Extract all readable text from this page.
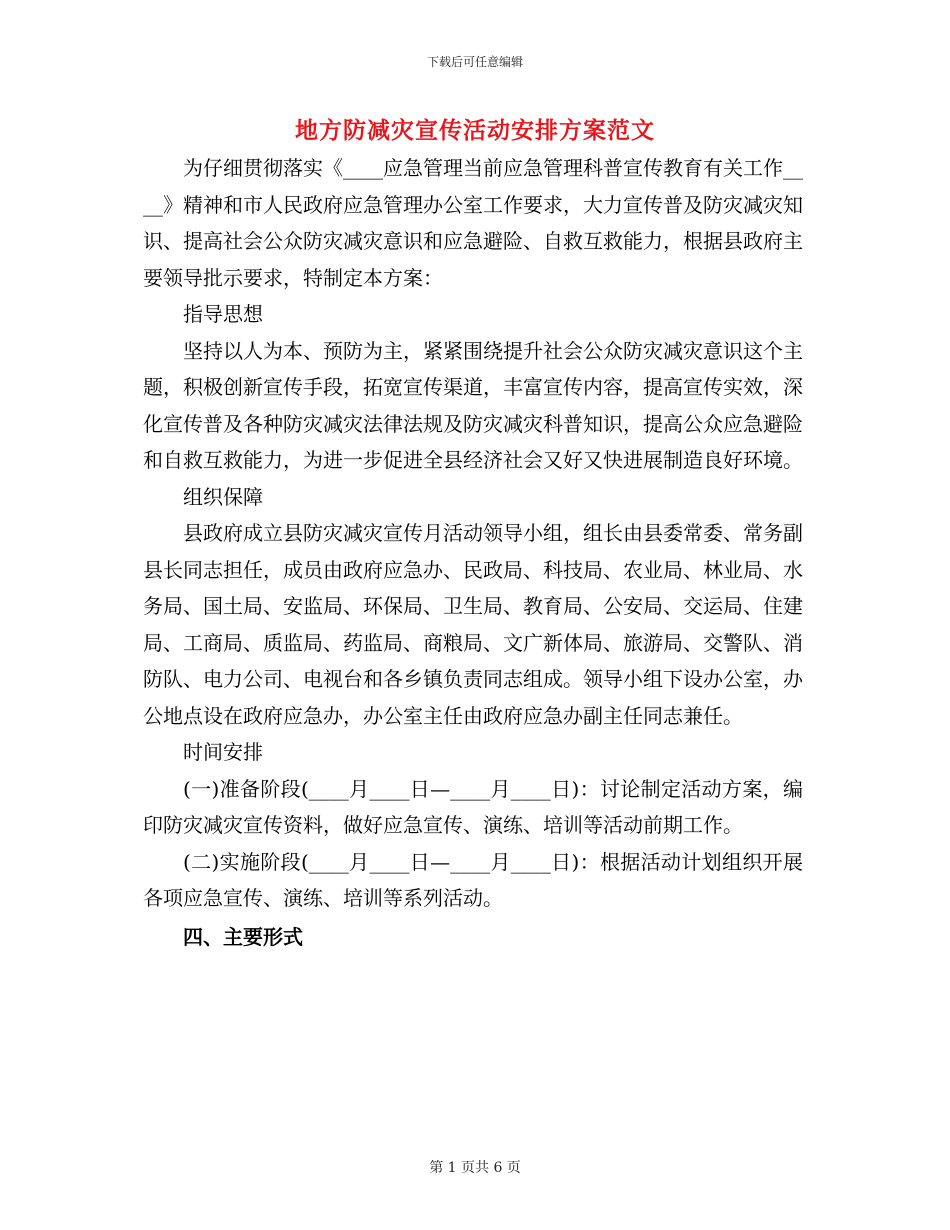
下载后可任意编辑
地方防减灾宣传活动安排方案范文

为仔细贯彻落实《____应急管理当前应急管理科普宣传教育有关工作____》精神和市人民政府应急管理办公室工作要求，大力宣传普及防灾减灾知识、提高社会公众防灾减灾意识和应急避险、自救互救能力，根据县政府主要领导批示要求，特制定本方案：

指导思想

坚持以人为本、预防为主，紧紧围绕提升社会公众防灾减灾意识这个主题，积极创新宣传手段，拓宽宣传渠道，丰富宣传内容，提高宣传实效，深化宣传普及各种防灾减灾法律法规及防灾减灾科普知识，提高公众应急避险和自救互救能力，为进一步促进全县经济社会又好又快进展制造良好环境。

组织保障

县政府成立县防灾减灾宣传月活动领导小组，组长由县委常委、常务副县长同志担任，成员由政府应急办、民政局、科技局、农业局、林业局、水务局、国土局、安监局、环保局、卫生局、教育局、公安局、交运局、住建局、工商局、质监局、药监局、商粮局、文广新体局、旅游局、交警队、消防队、电力公司、电视台和各乡镇负责同志组成。领导小组下设办公室，办公地点设在政府应急办，办公室主任由政府应急办副主任同志兼任。

时间安排

(一)准备阶段(____月____日—____月____日)：讨论制定活动方案，编印防灾减灾宣传资料，做好应急宣传、演练、培训等活动前期工作。

(二)实施阶段(____月____日—____月____日)：根据活动计划组织开展各项应急宣传、演练、培训等系列活动。

四、主要形式

第 1 页共 6 页
